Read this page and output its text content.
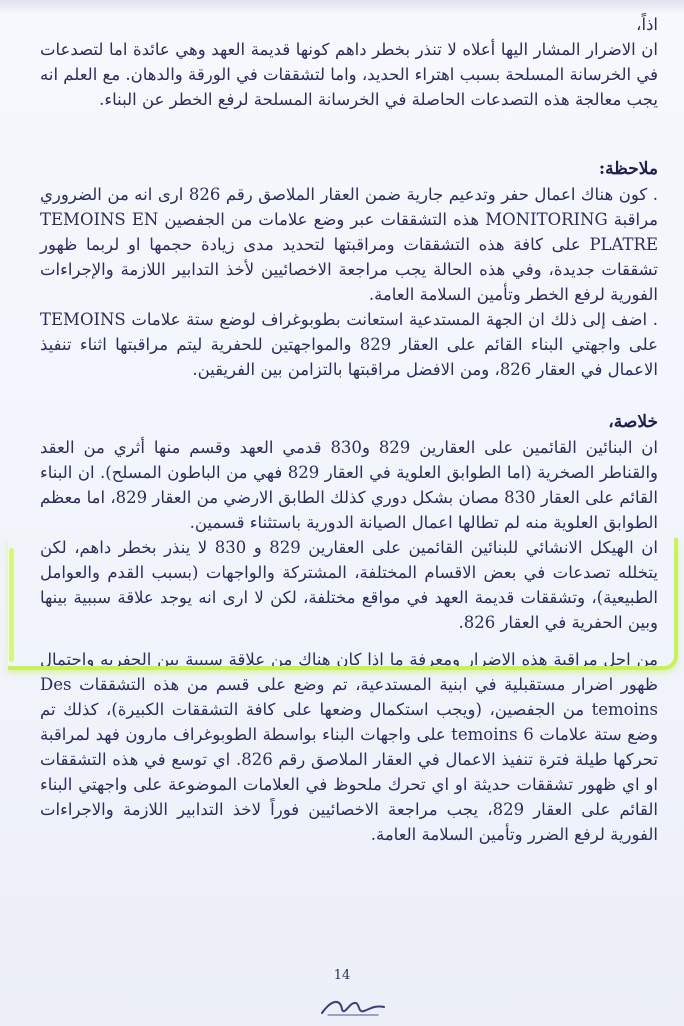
اذاً،
ان الاضرار المشار اليها أعلاه لا تنذر بخطر داهم كونها قديمة العهد وهي عائدة اما لتصدعات في الخرسانة المسلحة بسبب اهتراء الحديد، واما لتشققات في الورقة والدهان. مع العلم انه يجب معالجة هذه التصدعات الحاصلة في الخرسانة المسلحة لرفع الخطر عن البناء.
ملاحظة:
. كون هناك اعمال حفر وتدعيم جارية ضمن العقار الملاصق رقم 826 ارى انه من الضروري مراقبة MONITORING هذه التشققات عبر وضع علامات من الجفصين TEMOINS EN PLATRE على كافة هذه التشققات ومراقبتها لتحديد مدى زيادة حجمها او لربما ظهور تشققات جديدة، وفي هذه الحالة يجب مراجعة الاخصائيين لأخذ التدابير اللازمة والإجراءات الفورية لرفع الخطر وتأمين السلامة العامة.
. اضف إلى ذلك ان الجهة المستدعية استعانت بطوبوغراف لوضع ستة علامات TEMOINS على واجهتي البناء القائم على العقار 829 والمواجهتين للحفرية ليتم مراقبتها اثناء تنفيذ الاعمال في العقار 826، ومن الافضل مراقبتها بالتزامن بين الفريقين.
خلاصة،
ان البنائين القائمين على العقارين 829 و830 قدمي العهد وقسم منها أثري من العقد والقناطر الصخرية (اما الطوابق العلوية في العقار 829 فهي من الباطون المسلح). ان البناء القائم على العقار 830 مصان بشكل دوري كذلك الطابق الارضي من العقار 829، اما معظم الطوابق العلوية منه لم تطالها اعمال الصيانة الدورية باستثناء قسمين.
ان الهيكل الانشائي للبنائين القائمين على العقارين 829 و 830 لا ينذر بخطر داهم، لكن يتخلله تصدعات في بعض الاقسام المختلفة، المشتركة والواجهات (بسبب القدم والعوامل الطبيعية)، وتشققات قديمة العهد في مواقع مختلفة، لكن لا ارى انه يوجد علاقة سببية بينها وبين الحفرية في العقار 826.
من اجل مراقبة هذه الاضرار ومعرفة ما اذا كان هناك من علاقة سببية بين الحفريه واحتمال ظهور اضرار مستقبلية في ابنية المستدعية، تم وضع على قسم من هذه التشققات Des temoins من الجفصين، (ويجب استكمال وضعها على كافة التشققات الكبيرة)، كذلك تم وضع ستة علامات temoins 6 على واجهات البناء بواسطة الطوبوغراف مارون فهد لمراقبة تحركها طيلة فترة تنفيذ الاعمال في العقار الملاصق رقم 826. اي توسع في هذه التشققات او اي ظهور تشققات حديثة او اي تحرك ملحوظ في العلامات الموضوعة على واجهتي البناء القائم على العقار 829، يجب مراجعة الاخصائيين فوراً لاخذ التدابير اللازمة والاجراءات الفورية لرفع الضرر وتأمين السلامة العامة.
14
